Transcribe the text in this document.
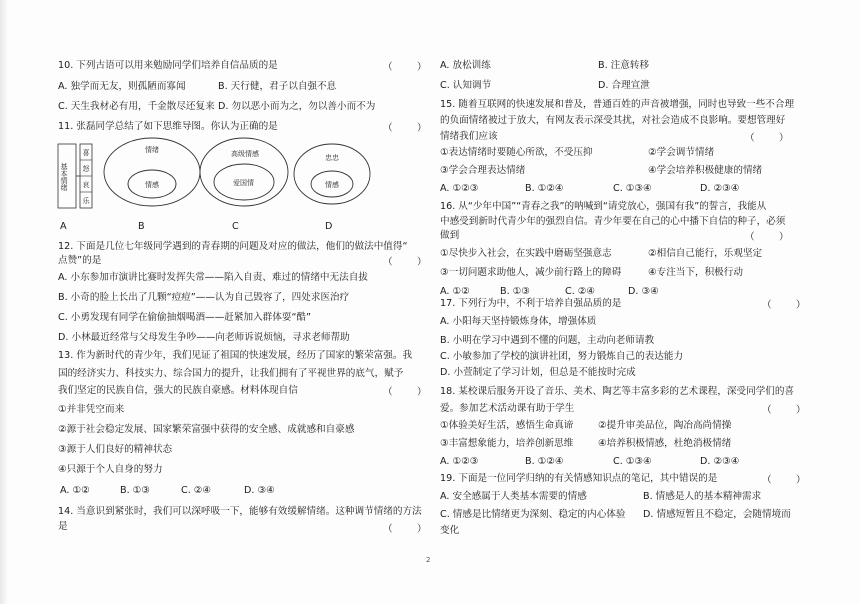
10. 下列古语可以用来勉励同学们培养自信品质的是	（        ）
A. 独学而无友，则孤陋而寡闻	B. 天行健，君子以自强不息
C. 天生我材必有用，千金散尽还复来 D. 勿以恶小而为之，勿以善小而不为
11. 张磊同学总结了如下思维导图。你认为正确的是	（        ）
基本情绪
喜
怒
哀
乐
情绪
情感
高级情感
爱国情
忠忠
情感
A	B	C	D
12. 下面是几位七年级同学遇到的青春期的问题及对应的做法，他们的做法中值得“
点赞”的是	（        ）
A. 小东参加市演讲比赛时发挥失常——陷入自责、难过的情绪中无法自拔
B. 小奇的脸上长出了几颗“痘痘”——认为自己毁容了，四处求医治疗
C. 小勇发现有同学在偷偷抽烟喝酒——赶紧加入群体耍“酷”
D. 小林最近经常与父母发生争吵——向老师诉说烦恼，寻求老师帮助
13. 作为新时代的青少年，我们见证了祖国的快速发展，经历了国家的繁荣富强。我
国的经济实力、科技实力、综合国力的提升，让我们拥有了平视世界的底气，赋予
我们坚定的民族自信，强大的民族自豪感。材料体现自信	（        ）
①并非凭空而来
②源于社会稳定发展、国家繁荣富强中获得的安全感、成就感和自豪感
③源于人们良好的精神状态
④只源于个人自身的努力
A. ①②	B. ①③	C. ②④	D. ③④
14. 当意识到紧张时，我们可以深呼吸一下，能够有效缓解情绪。这种调节情绪的方法
是	（        ）
A. 放松训练	B. 注意转移
C. 认知调节	D. 合理宣泄
15. 随着互联网的快速发展和普及，普通百姓的声音被增强，同时也导致一些不合理
的负面情绪被过于放大，有网友表示深受其扰，对社会造成不良影响。要想管理好
情绪我们应该	（        ）
①表达情绪时要随心所欲，不受压抑	②学会调节情绪
③学会合理表达情绪	④学会培养积极健康的情绪
A. ①②③	B. ①②④	C. ①③④	D. ②③④
16. 从“少年中国”“青春之我”的呐喊到“请党放心，强国有我”的誓言，我能从
中感受到新时代青少年的强烈自信。青少年要在自己的心中播下自信的种子，必须
做到	（        ）
①尽快步入社会，在实践中磨砺坚强意志	②相信自己能行，乐观坚定
③一切问题求助他人，减少前行路上的障碍	④专注当下，积极行动
A. ①②	B. ①③	C. ②④	D. ③④
17. 下列行为中，不利于培养自强品质的是	（        ）
A. 小阳每天坚持锻炼身体，增强体质
B. 小明在学习中遇到不懂的问题，主动向老师请教
C. 小敏参加了学校的演讲社团，努力锻炼自己的表达能力
D. 小萱制定了学习计划，但总是不能按时完成
18. 某校课后服务开设了音乐、美术、陶艺等丰富多彩的艺术课程，深受同学们的喜
爱。参加艺术活动课有助于学生	（        ）
①体验美好生活，感悟生命真谛	②提升审美品位，陶冶高尚情操
③丰富想象能力，培养创新思维	④培养积极情感，杜绝消极情绪
A. ①②③	B. ①②④	C. ①③④	D. ②③④
19. 下面是一位同学归纳的有关情感知识点的笔记，其中错误的是	（        ）
A. 安全感属于人类基本需要的情感	B. 情感是人的基本精神需求
C. 情感是比情绪更为深刻、稳定的内心体验 D. 情感短暂且不稳定，会随情境而
变化
2
